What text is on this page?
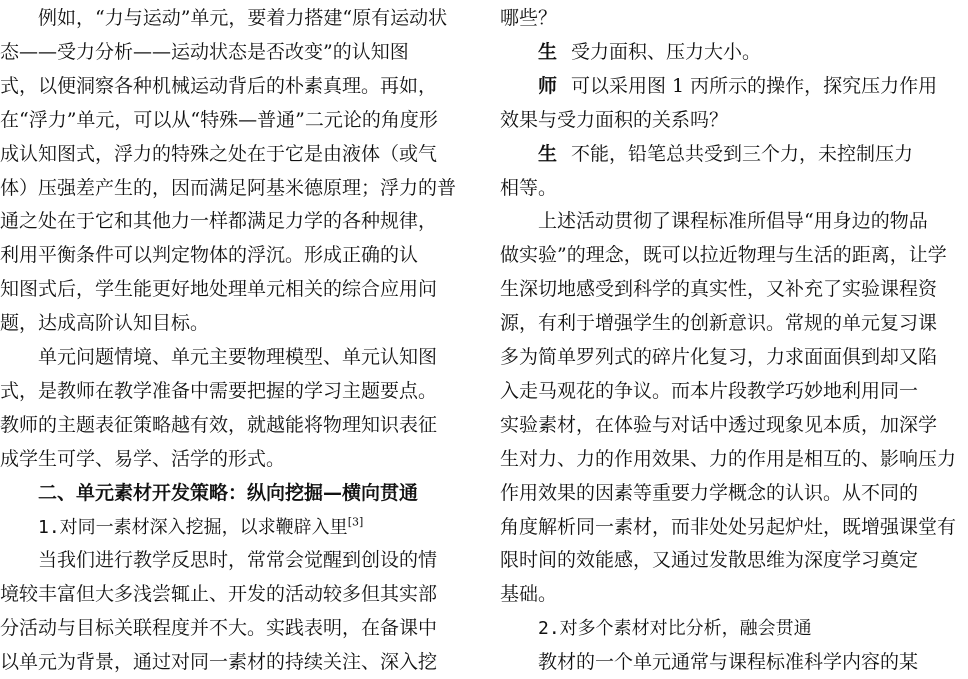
例如，“力与运动”单元，要着力搭建“原有运动状
态——受力分析——运动状态是否改变”的认知图
式，以便洞察各种机械运动背后的朴素真理。再如，
在“浮力”单元，可以从“特殊—普通”二元论的角度形
成认知图式，浮力的特殊之处在于它是由液体（或气
体）压强差产生的，因而满足阿基米德原理；浮力的普
通之处在于它和其他力一样都满足力学的各种规律，
利用平衡条件可以判定物体的浮沉。形成正确的认
知图式后，学生能更好地处理单元相关的综合应用问
题，达成高阶认知目标。
单元问题情境、单元主要物理模型、单元认知图
式，是教师在教学准备中需要把握的学习主题要点。
教师的主题表征策略越有效，就越能将物理知识表征
成学生可学、易学、活学的形式。
二、单元素材开发策略：纵向挖掘—横向贯通
1.对同一素材深入挖掘，以求鞭辟入里[3]
当我们进行教学反思时，常常会觉醒到创设的情
境较丰富但大多浅尝辄止、开发的活动较多但其实部
分活动与目标关联程度并不大。实践表明，在备课中
以单元为背景，通过对同一素材的持续关注、深入挖
哪些？
生 受力面积、压力大小。
师 可以采用图 1 丙所示的操作，探究压力作用
效果与受力面积的关系吗？
生 不能，铅笔总共受到三个力，未控制压力
相等。
上述活动贯彻了课程标准所倡导“用身边的物品
做实验”的理念，既可以拉近物理与生活的距离，让学
生深切地感受到科学的真实性，又补充了实验课程资
源，有利于增强学生的创新意识。常规的单元复习课
多为简单罗列式的碎片化复习，力求面面俱到却又陷
入走马观花的争议。而本片段教学巧妙地利用同一
实验素材，在体验与对话中透过现象见本质，加深学
生对力、力的作用效果、力的作用是相互的、影响压力
作用效果的因素等重要力学概念的认识。从不同的
角度解析同一素材，而非处处另起炉灶，既增强课堂有
限时间的效能感，又通过发散思维为深度学习奠定
基础。
2.对多个素材对比分析，融会贯通
教材的一个单元通常与课程标准科学内容的某
